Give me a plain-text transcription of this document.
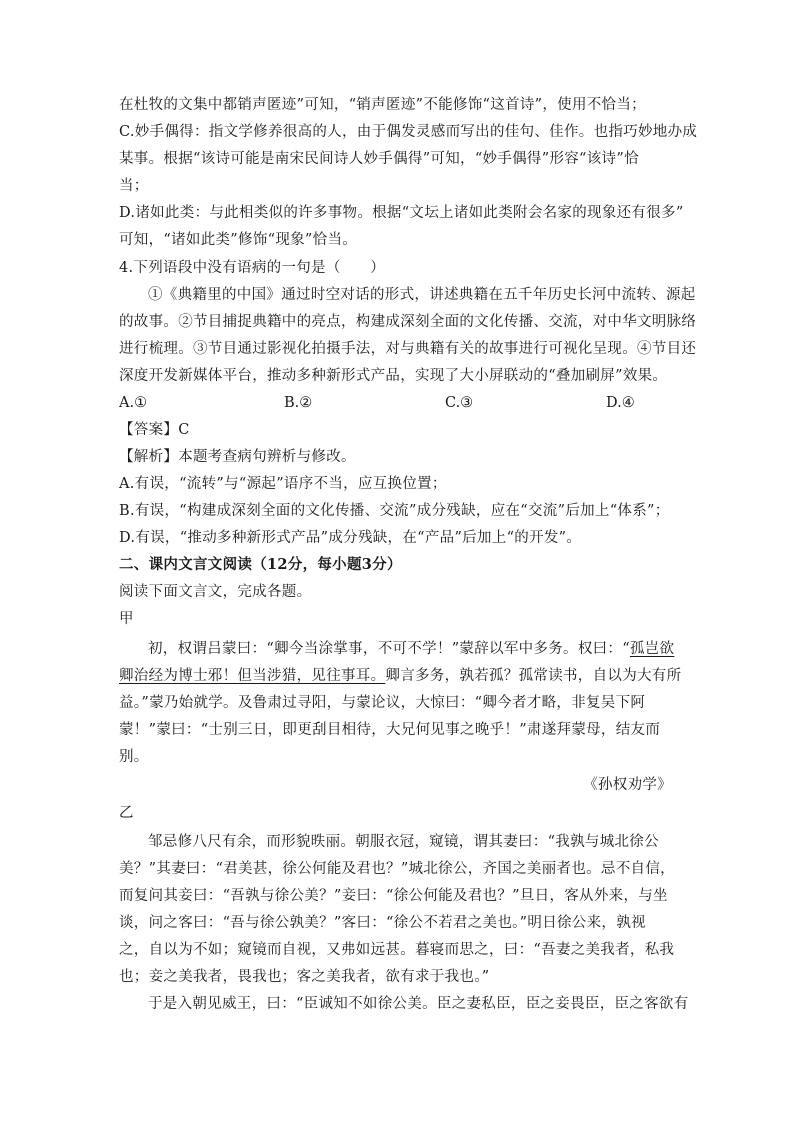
在杜牧的文集中都销声匿迹”可知，“销声匿迹”不能修饰“这首诗”，使用不恰当；
C.妙手偶得：指文学修养很高的人，由于偶发灵感而写出的佳句、佳作。也指巧妙地办成
某事。根据“该诗可能是南宋民间诗人妙手偶得”可知，“妙手偶得”形容“该诗”恰
当；
D.诸如此类：与此相类似的许多事物。根据“文坛上诸如此类附会名家的现象还有很多”
可知，“诸如此类”修饰“现象”恰当。
4.下列语段中没有语病的一句是（　　）
①《典籍里的中国》通过时空对话的形式，讲述典籍在五千年历史长河中流转、源起
的故事。②节目捕捉典籍中的亮点，构建成深刻全面的文化传播、交流，对中华文明脉络
进行梳理。③节目通过影视化拍摄手法，对与典籍有关的故事进行可视化呈现。④节目还
深度开发新媒体平台，推动多种新形式产品，实现了大小屏联动的“叠加刷屏”效果。
A.①	B.②	C.③	D.④
【答案】C
【解析】本题考查病句辨析与修改。
A.有误，“流转”与“源起”语序不当，应互换位置；
B.有误，“构建成深刻全面的文化传播、交流”成分残缺，应在“交流”后加上“体系”；
D.有误，“推动多种新形式产品”成分残缺，在“产品”后加上“的开发”。
二、课内文言文阅读（12分，每小题3分）
阅读下面文言文，完成各题。
甲
初，权谓吕蒙曰：“卿今当涂掌事，不可不学！”蒙辞以军中多务。权曰：“孤岂欲
卿治经为博士邪！但当涉猎，见往事耳。卿言多务，孰若孤？孤常读书，自以为大有所
益。”蒙乃始就学。及鲁肃过寻阳，与蒙论议，大惊曰：“卿今者才略，非复吴下阿
蒙！”蒙曰：“士别三日，即更刮目相待，大兄何见事之晚乎！”肃遂拜蒙母，结友而
别。
《孙权劝学》
乙
邹忌修八尺有余，而形貌昳丽。朝服衣冠，窥镜，谓其妻曰：“我孰与城北徐公
美？”其妻曰：“君美甚，徐公何能及君也？”城北徐公，齐国之美丽者也。忌不自信，
而复问其妾曰：“吾孰与徐公美？”妾曰：“徐公何能及君也？”旦日，客从外来，与坐
谈，问之客曰：“吾与徐公孰美？”客曰：“徐公不若君之美也。”明日徐公来，孰视
之，自以为不如；窥镜而自视，又弗如远甚。暮寝而思之，曰：“吾妻之美我者，私我
也；妾之美我者，畏我也；客之美我者，欲有求于我也。”
于是入朝见威王，曰：“臣诚知不如徐公美。臣之妻私臣，臣之妾畏臣，臣之客欲有
